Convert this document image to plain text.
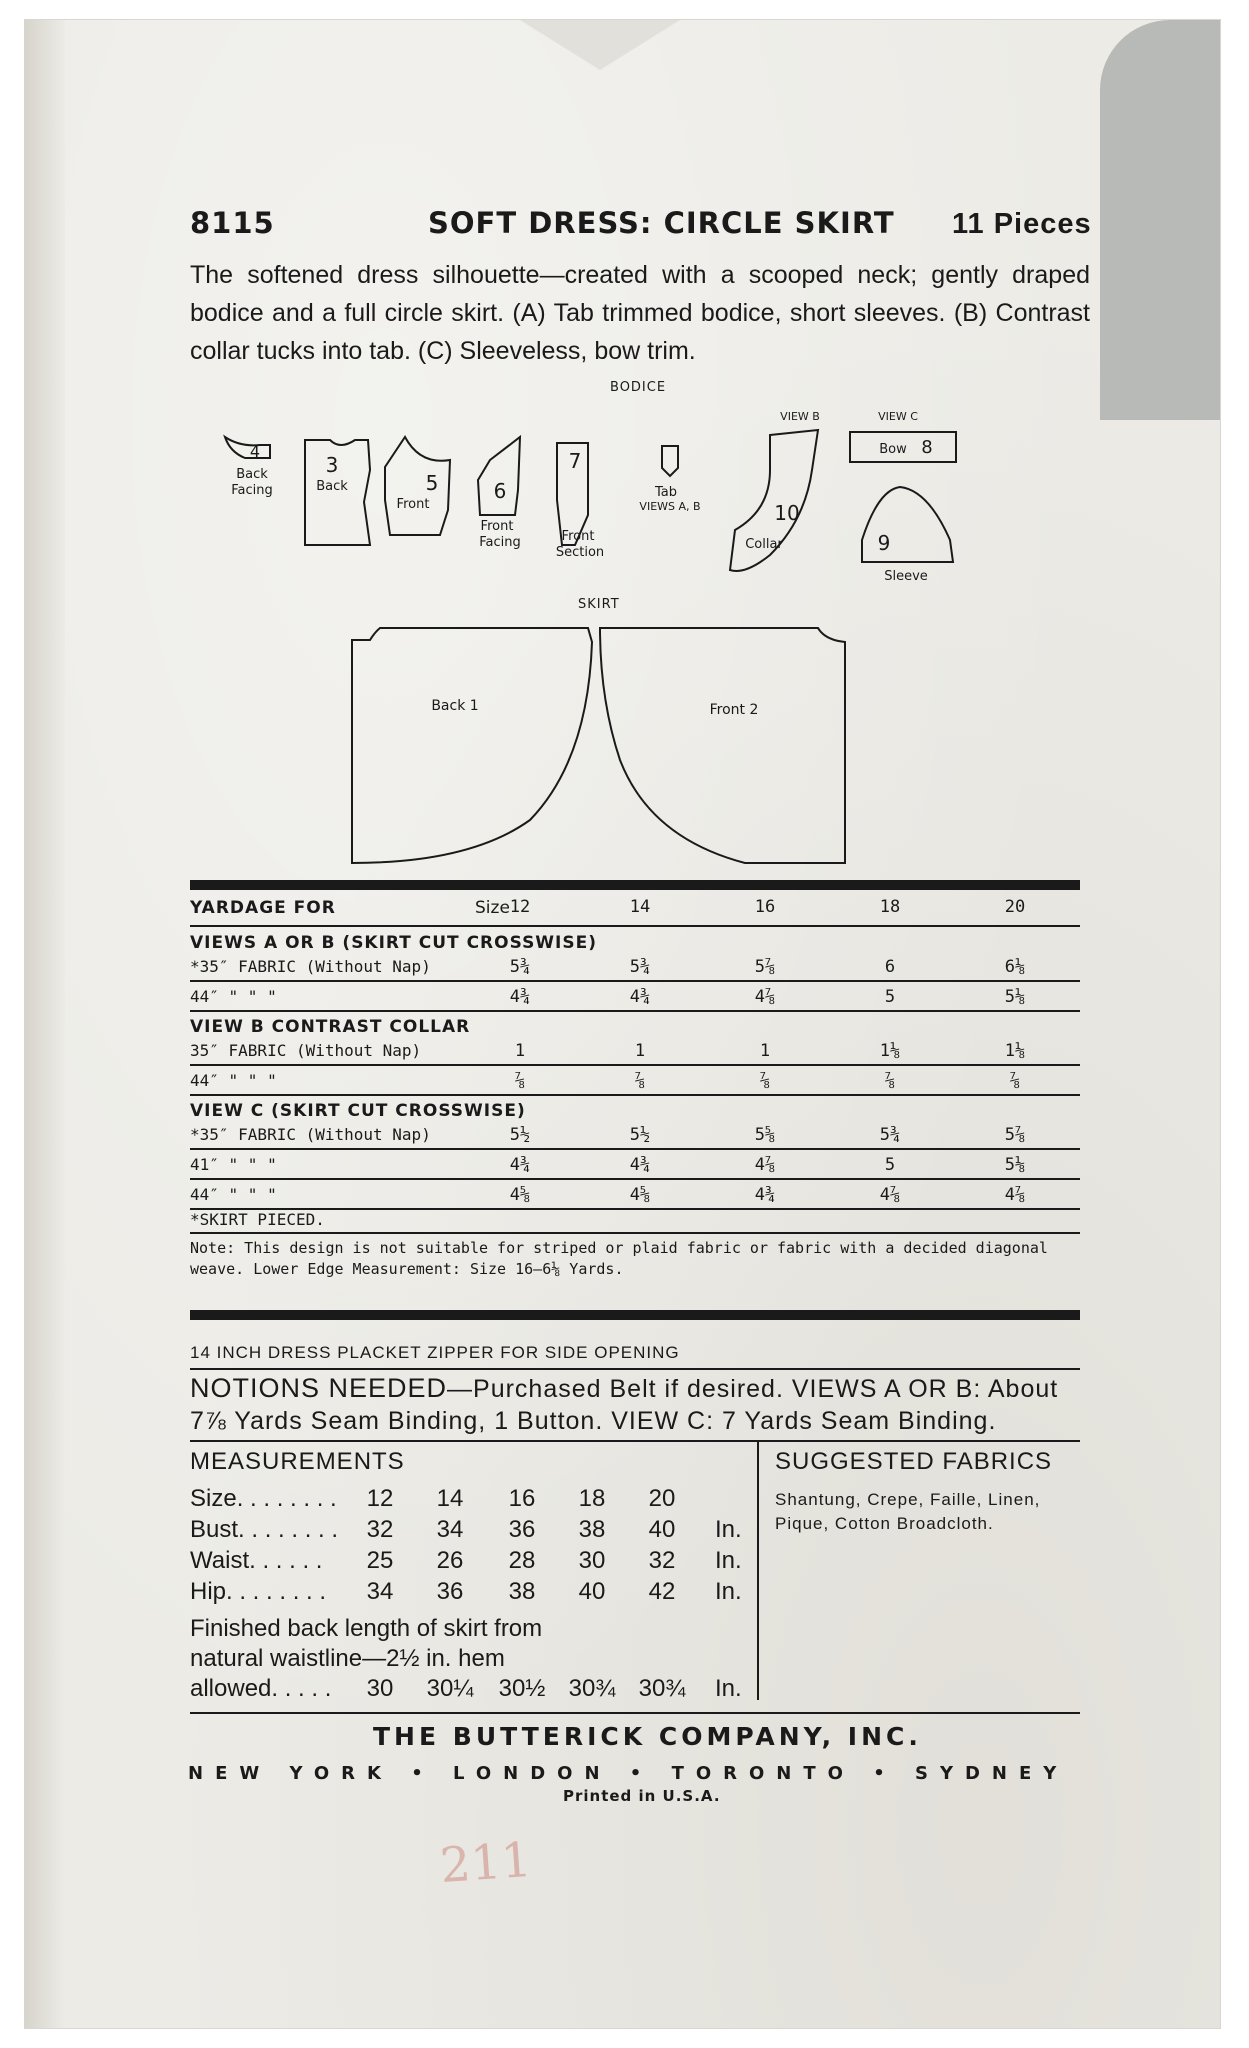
8115	SOFT DRESS: CIRCLE SKIRT 11 Pieces
The softened dress silhouette—created with a scooped neck; gently draped bodice and a full circle skirt. (A) Tab trimmed bodice, short sleeves. (B) Contrast collar tucks into tab. (C) Sleeveless, bow trim.
BODICE
SKIRT
4
Back
Facing
3
Back	5
Front
6
Front
Facing
7
Front
Section
Tab
VIEWS A, B
VIEW B
10
Collar
VIEW C
Bow 8
9
Sleeve
Back 1	Front 2
YARDAGE FOR	Size 12	14	16	18	20
VIEWS A OR B (SKIRT CUT CROSSWISE)
*35″ FABRIC (Without Nap)	5¾	5¾	5⅞	6	6⅛
44″ " " "	4¾	4¾	4⅞	5	5⅛
VIEW B CONTRAST COLLAR
35″ FABRIC (Without Nap)	1	1	1	1⅛	1⅛
44″ " " "	⅞	⅞	⅞	⅞	⅞
VIEW C (SKIRT CUT CROSSWISE)
*35″ FABRIC (Without Nap)	5½	5½	5⅝	5¾	5⅞
41″ " " "	4¾	4¾	4⅞	5	5⅛
44″ " " "	4⅝	4⅝	4¾	4⅞	4⅞
*SKIRT PIECED.
Note: This design is not suitable for striped or plaid fabric or fabric with a decided diagonal weave. Lower Edge Measurement: Size 16—6⅛ Yards.
14 INCH DRESS PLACKET ZIPPER FOR SIDE OPENING
NOTIONS NEEDED—Purchased Belt if desired. VIEWS A OR B: About 7⅞ Yards Seam Binding, 1 Button. VIEW C: 7 Yards Seam Binding.
MEASUREMENTS
Size. . . . . . . .	12	14	16	18	20
Bust. . . . . . . .	32	34	36	38	40	In.
Waist. . . . . .	25	26	28	30	32	In.
Hip. . . . . . . .	34	36	38	40	42	In.
Finished back length of skirt from
natural waistline—2½ in. hem
allowed. . . . .	30	30¼ 30½ 30¾ 30¾ In.
SUGGESTED FABRICS
Shantung, Crepe, Faille, Linen, Pique, Cotton Broadcloth.
THE BUTTERICK COMPANY, INC.
NEW YORK • LONDON • TORONTO • SYDNEY
Printed in U.S.A.
211
